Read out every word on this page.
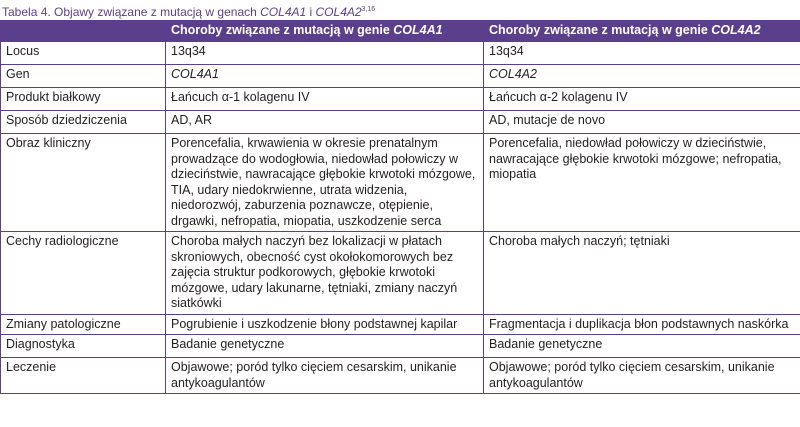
Tabela 4. Objawy związane z mutacją w genach COL4A1 i COL4A2$^{3,16}$
	Choroby związane z mutacją w genie COL4A1	Choroby związane z mutacją w genie COL4A2
Locus	13q34	13q34
Gen	COL4A1	COL4A2
Produkt białkowy	Łańcuch α-1 kolagenu IV	Łańcuch α-2 kolagenu IV
Sposób dziedziczenia	AD, AR	AD, mutacje de novo
Obraz kliniczny	Porencefalia, krwawienia w okresie prenatalnym prowadzące do wodogłowia, niedowład połowiczy w dzieciństwie, nawracające głębokie krwotoki mózgowe, TIA, udary niedokrwienne, utrata widzenia, niedorozwój, zaburzenia poznawcze, otępienie, drgawki, nefropatia, miopatia, uszkodzenie serca	Porencefalia, niedowład połowiczy w dzieciństwie, nawracające głębokie krwotoki mózgowe; nefropatia, miopatia
Cechy radiologiczne	Choroba małych naczyń bez lokalizacji w płatach skroniowych, obecność cyst okołokomorowych bez zajęcia struktur podkorowych, głębokie krwotoki mózgowe, udary lakunarne, tętniaki, zmiany naczyń siatkówki	Choroba małych naczyń; tętniaki
Zmiany patologiczne	Pogrubienie i uszkodzenie błony podstawnej kapilar	Fragmentacja i duplikacja błon podstawnych naskórka
Diagnostyka	Badanie genetyczne	Badanie genetyczne
Leczenie	Objawowe; poród tylko cięciem cesarskim, unikanie antykoagulantów	Objawowe; poród tylko cięciem cesarskim, unikanie antykoagulantów
